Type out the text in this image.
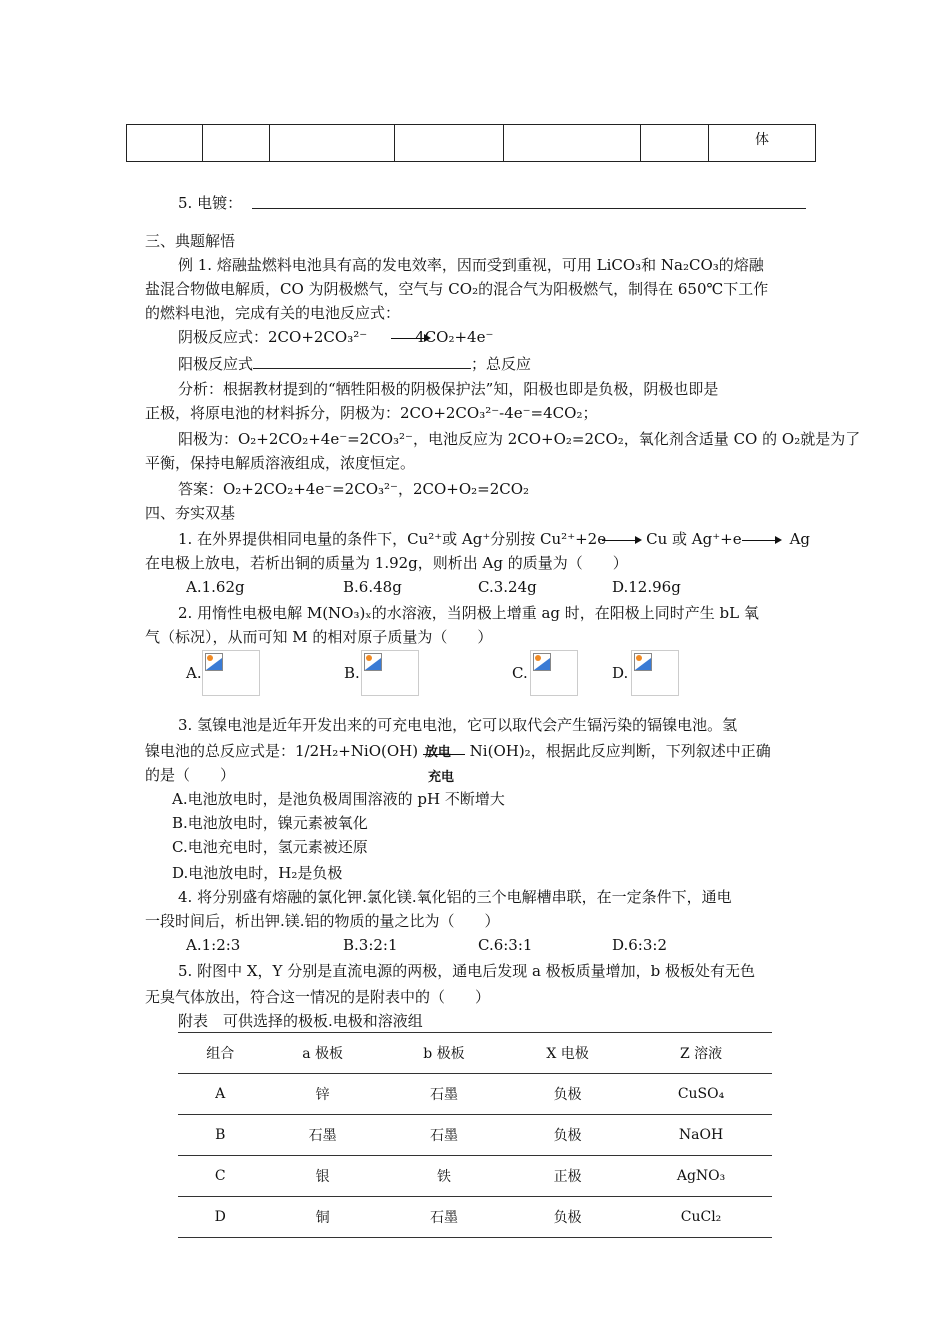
						体
5. 电镀：
三、典题解悟
例 1. 熔融盐燃料电池具有高的发电效率，因而受到重视，可用 LiCO₃和 Na₂CO₃的熔融
盐混合物做电解质，CO 为阴极燃气，空气与 CO₂的混合气为阳极燃气，制得在 650℃下工作
的燃料电池，完成有关的电池反应式：
阴极反应式：2CO+2CO₃²⁻	4CO₂+4e⁻
阳极反应式	；总反应
分析：根据教材提到的“牺牲阳极的阴极保护法”知，阳极也即是负极，阴极也即是
正极，将原电池的材料拆分，阴极为：2CO+2CO₃²⁻-4e⁻=4CO₂；
阳极为：O₂+2CO₂+4e⁻=2CO₃²⁻，电池反应为 2CO+O₂=2CO₂，氧化剂含适量 CO 的 O₂就是为了
平衡，保持电解质溶液组成，浓度恒定。
答案：O₂+2CO₂+4e⁻=2CO₃²⁻，2CO+O₂=2CO₂
四、夯实双基
1. 在外界提供相同电量的条件下，Cu²⁺或 Ag⁺分别按 Cu²⁺+2e	Cu 或 Ag⁺+e	Ag
在电极上放电，若析出铜的质量为 1.92g，则析出 Ag 的质量为（　　）
A.1.62g	B.6.48g	C.3.24g	D.12.96g
2. 用惰性电极电解 M(NO₃)ₓ的水溶液，当阴极上增重 ag 时，在阳极上同时产生 bL 氧
气（标况），从而可知 M 的相对原子质量为（　　）
A.	B.	C.	D.
3. 氢镍电池是近年开发出来的可充电电池，它可以取代会产生镉污染的镉镍电池。氢
镍电池的总反应式是：1/2H₂+NiO(OH) 放电 Ni(OH)₂，根据此反应判断，下列叙述中正确
的是（　　）	充电
A.电池放电时，是池负极周围溶液的 pH 不断增大
B.电池放电时，镍元素被氧化
C.电池充电时，氢元素被还原
D.电池放电时，H₂是负极
4. 将分别盛有熔融的氯化钾.氯化镁.氧化铝的三个电解槽串联，在一定条件下，通电
一段时间后，析出钾.镁.铝的物质的量之比为（　　）
A.1:2:3	B.3:2:1	C.6:3:1	D.6:3:2
5. 附图中 X，Y 分别是直流电源的两极，通电后发现 a 极板质量增加，b 极板处有无色
无臭气体放出，符合这一情况的是附表中的（　　）
附表　可供选择的极板.电极和溶液组
组合	a 极板	b 极板	X 电极	Z 溶液
A	锌	石墨	负极	CuSO₄
B	石墨	石墨	负极	NaOH
C	银	铁	正极	AgNO₃
D	铜	石墨	负极	CuCl₂
